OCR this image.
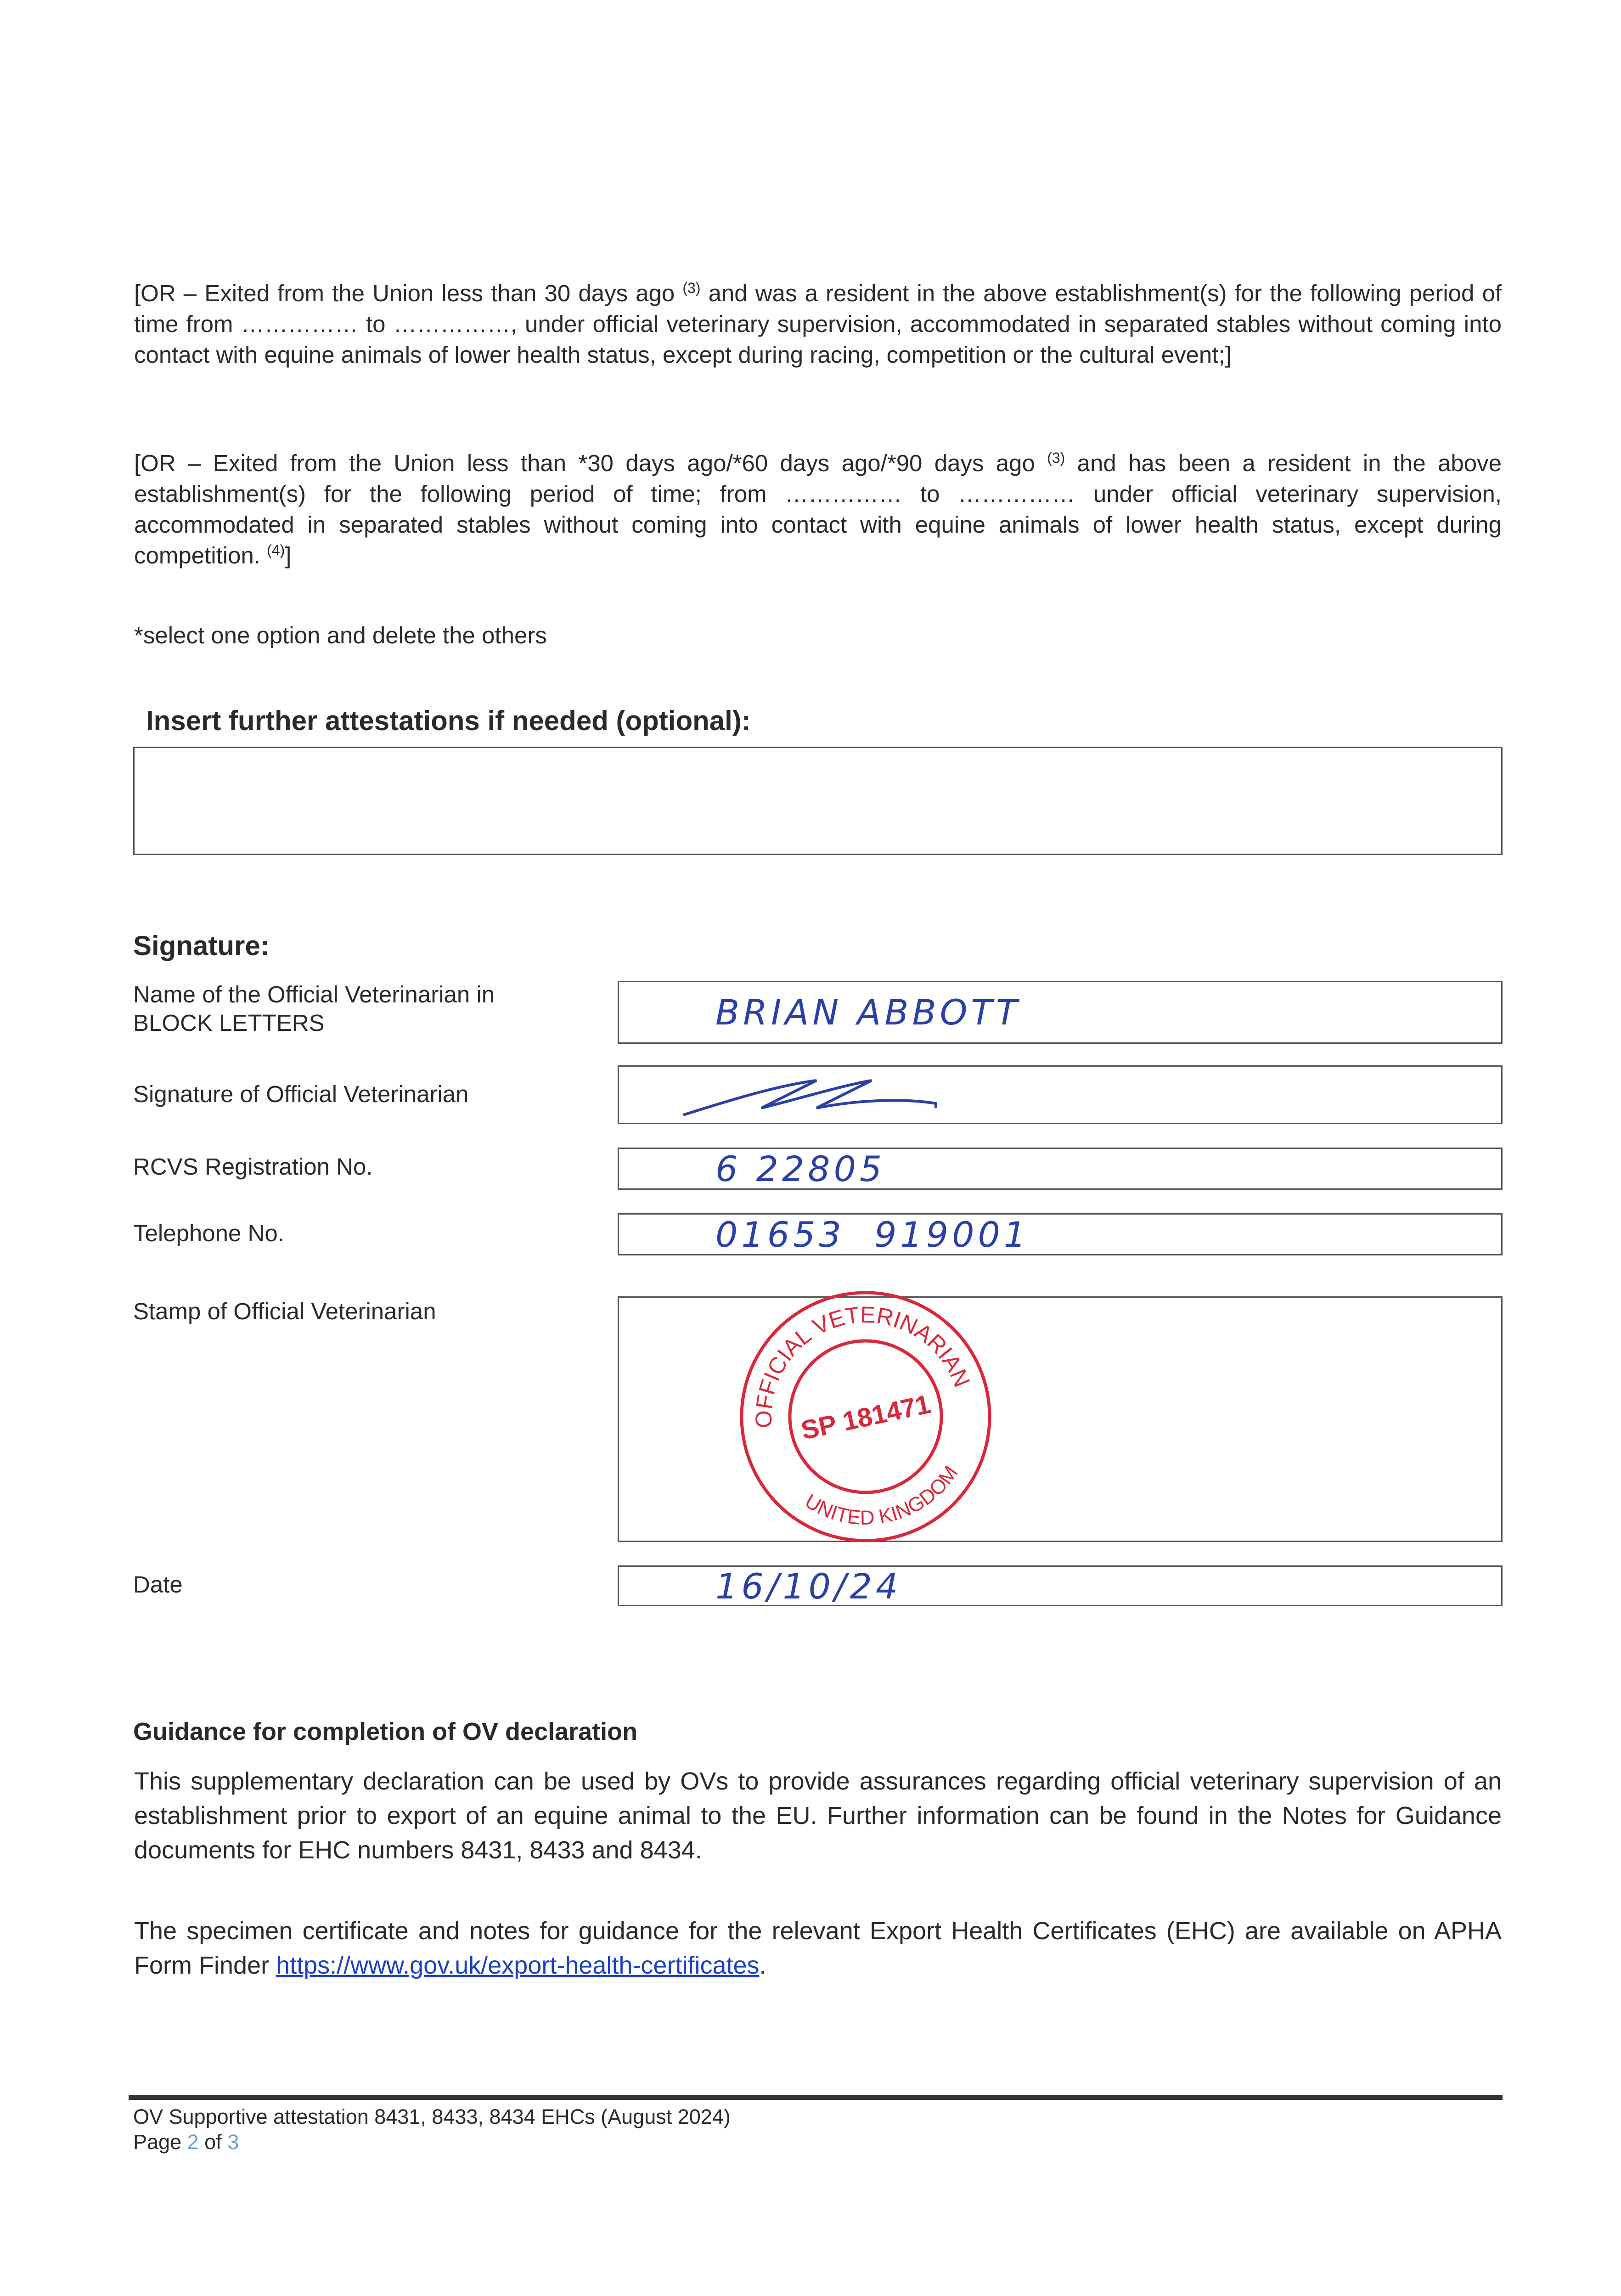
[OR – Exited from the Union less than 30 days ago $^{(3)}$ and was a resident in the above establishment(s) for the following period of time from …………… to ……………, under official veterinary supervision, accommodated in separated stables without coming into contact with equine animals of lower health status, except during racing, competition or the cultural event;]
[OR – Exited from the Union less than *30 days ago/*60 days ago/*90 days ago $^{(3)}$ and has been a resident in the above establishment(s) for the following period of time; from …………… to …………… under official veterinary supervision, accommodated in separated stables without coming into contact with equine animals of lower health status, except during competition. $^{(4)}$]
*select one option and delete the others
Insert further attestations if needed (optional):
Signature:
Name of the Official Veterinarian in BLOCK LETTERS	BRIAN ABBOTT
Signature of Official Veterinarian
RCVS Registration No.	6 22805
Telephone No.	01653  919001
Stamp of Official Veterinarian
OFFICIAL VETERINARIAN
UNITED KINGDOM
SP 181471
Date	16/10/24
Guidance for completion of OV declaration
This supplementary declaration can be used by OVs to provide assurances regarding official veterinary supervision of an establishment prior to export of an equine animal to the EU. Further information can be found in the Notes for Guidance documents for EHC numbers 8431, 8433 and 8434.
The specimen certificate and notes for guidance for the relevant Export Health Certificates (EHC) are available on APHA Form Finder https://www.gov.uk/export-health-certificates.
OV Supportive attestation 8431, 8433, 8434 EHCs (August 2024)
Page 2 of 3
